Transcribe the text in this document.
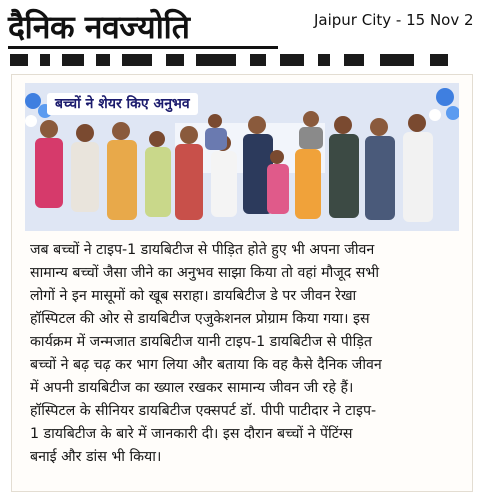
दैनिक नवज्योति	Jaipur City - 15 Nov 2
बच्चों ने शेयर किए अनुभव
जब बच्चों ने टाइप-1 डायबिटीज से पीड़ित होते हुए भी अपना जीवन
सामान्य बच्चों जैसा जीने का अनुभव साझा किया तो वहां मौजूद सभी
लोगों ने इन मासूमों को खूब सराहा। डायबिटीज डे पर जीवन रेखा
हॉस्पिटल की ओर से डायबिटीज एजुकेशनल प्रोग्राम किया गया। इस
कार्यक्रम में जन्मजात डायबिटीज यानी टाइप-1 डायबिटीज से पीड़ित
बच्चों ने बढ़ चढ़ कर भाग लिया और बताया कि वह कैसे दैनिक जीवन
में अपनी डायबिटीज का ख्याल रखकर सामान्य जीवन जी रहे हैं।
हॉस्पिटल के सीनियर डायबिटीज एक्सपर्ट डॉ. पीपी पाटीदार ने टाइप-
1 डायबिटीज के बारे में जानकारी दी। इस दौरान बच्चों ने पेंटिंग्स
बनाई और डांस भी किया।
